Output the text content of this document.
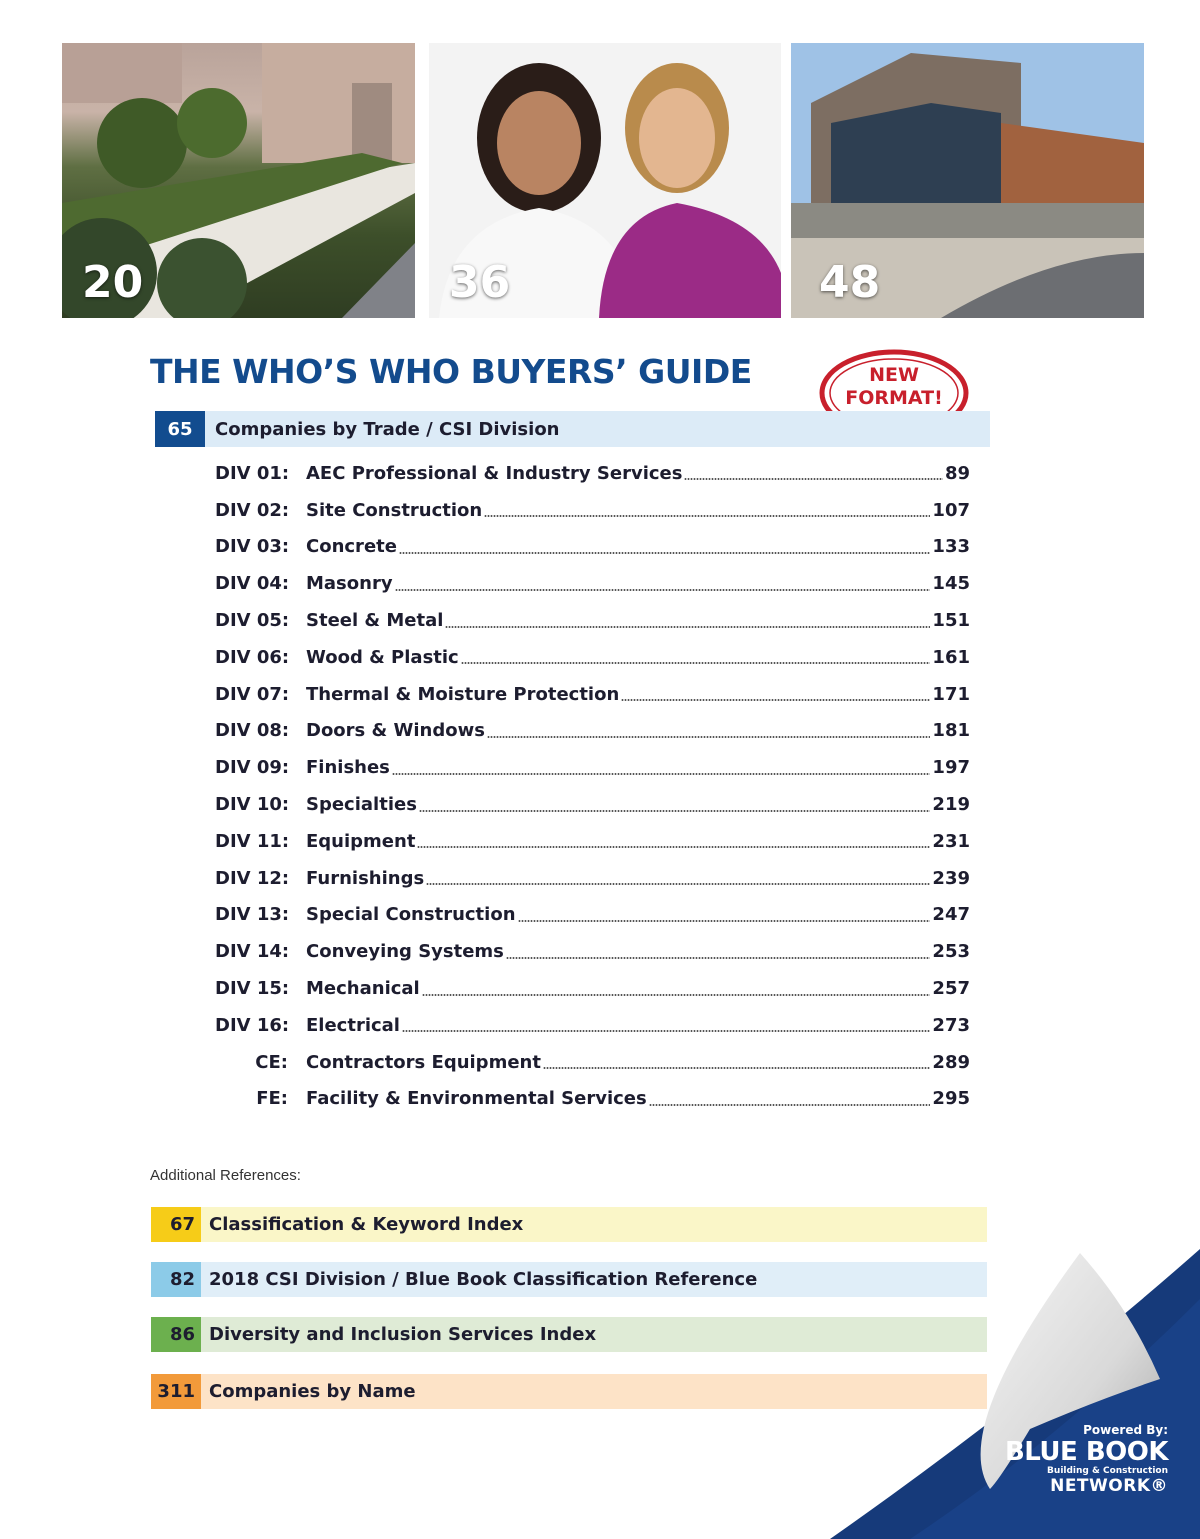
20	36	48
THE WHO’S WHO BUYERS’ GUIDE	NEW
FORMAT!
65	Companies by Trade / CSI Division
DIV 01: AEC Professional & Industry Services	89
DIV 02: Site Construction	107
DIV 03: Concrete	133
DIV 04: Masonry	145
DIV 05: Steel & Metal	151
DIV 06: Wood & Plastic	161
DIV 07: Thermal & Moisture Protection	171
DIV 08: Doors & Windows	181
DIV 09: Finishes	197
DIV 10: Specialties	219
DIV 11: Equipment	231
DIV 12: Furnishings	239
DIV 13: Special Construction	247
DIV 14: Conveying Systems	253
DIV 15: Mechanical	257
DIV 16: Electrical	273
CE:	Contractors Equipment	289
FE:	Facility & Environmental Services	295
Additional References:
67 Classification & Keyword Index
82 2018 CSI Division / Blue Book Classification Reference
86 Diversity and Inclusion Services Index
311 Companies by Name
Powered By:
BLUE BOOK
Building & Construction
NETWORK®
